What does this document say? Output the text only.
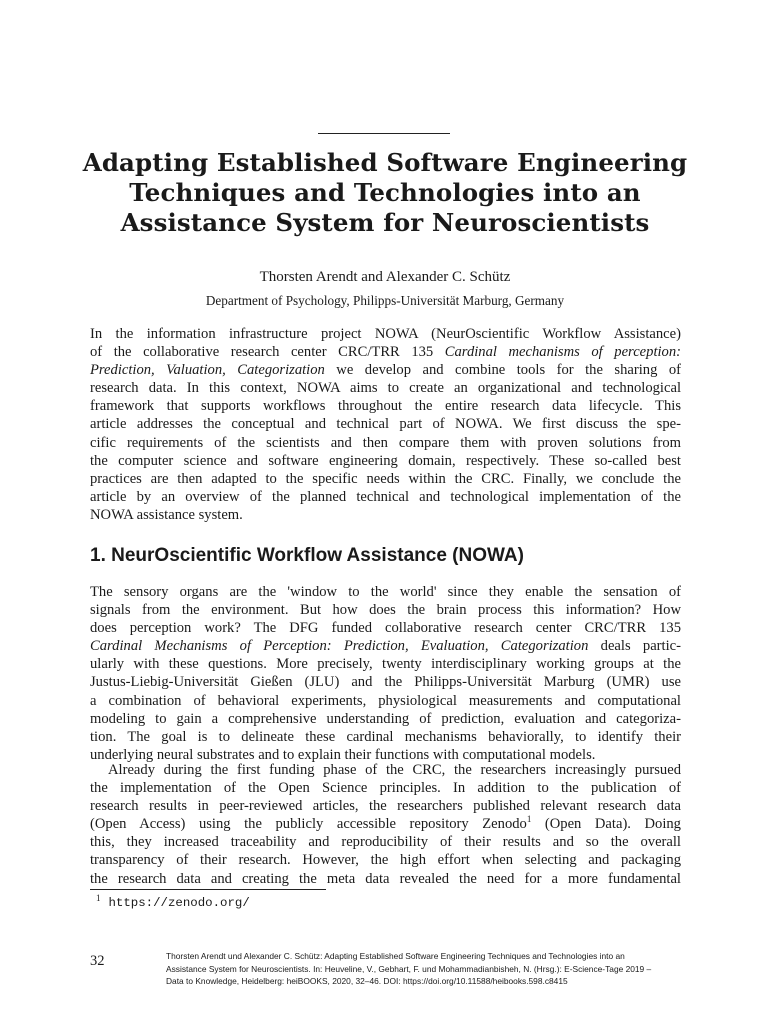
Adapting Established Software Engineering
Techniques and Technologies into an
Assistance System for Neuroscientists
Thorsten Arendt and Alexander C. Schütz
Department of Psychology, Philipps-Universität Marburg, Germany
In the information infrastructure project NOWA (NeurOscientific Workflow Assistance)
of the collaborative research center CRC/TRR 135 Cardinal mechanisms of perception:
Prediction, Valuation, Categorization we develop and combine tools for the sharing of
research data. In this context, NOWA aims to create an organizational and technological
framework that supports workflows throughout the entire research data lifecycle. This
article addresses the conceptual and technical part of NOWA. We first discuss the spe-
cific requirements of the scientists and then compare them with proven solutions from
the computer science and software engineering domain, respectively. These so-called best
practices are then adapted to the specific needs within the CRC. Finally, we conclude the
article by an overview of the planned technical and technological implementation of the
NOWA assistance system.
1. NeurOscientific Workflow Assistance (NOWA)
The sensory organs are the 'window to the world' since they enable the sensation of
signals from the environment. But how does the brain process this information? How
does perception work? The DFG funded collaborative research center CRC/TRR 135
Cardinal Mechanisms of Perception: Prediction, Evaluation, Categorization deals partic-
ularly with these questions. More precisely, twenty interdisciplinary working groups at the
Justus-Liebig-Universität Gießen (JLU) and the Philipps-Universität Marburg (UMR) use
a combination of behavioral experiments, physiological measurements and computational
modeling to gain a comprehensive understanding of prediction, evaluation and categoriza-
tion. The goal is to delineate these cardinal mechanisms behaviorally, to identify their
underlying neural substrates and to explain their functions with computational models.
Already during the first funding phase of the CRC, the researchers increasingly pursued
the implementation of the Open Science principles. In addition to the publication of
research results in peer-reviewed articles, the researchers published relevant research data
(Open Access) using the publicly accessible repository Zenodo$^1$ (Open Data). Doing
this, they increased traceability and reproducibility of their results and so the overall
transparency of their research. However, the high effort when selecting and packaging
the research data and creating the meta data revealed the need for a more fundamental
$^1$ https://zenodo.org/
32	Thorsten Arendt und Alexander C. Schütz: Adapting Established Software Engineering Techniques and Technologies into an
Assistance System for Neuroscientists. In: Heuveline, V., Gebhart, F. und Mohammadianbisheh, N. (Hrsg.): E-Science-Tage 2019 –
Data to Knowledge, Heidelberg: heiBOOKS, 2020, 32–46. DOI: https://doi.org/10.11588/heibooks.598.c8415
